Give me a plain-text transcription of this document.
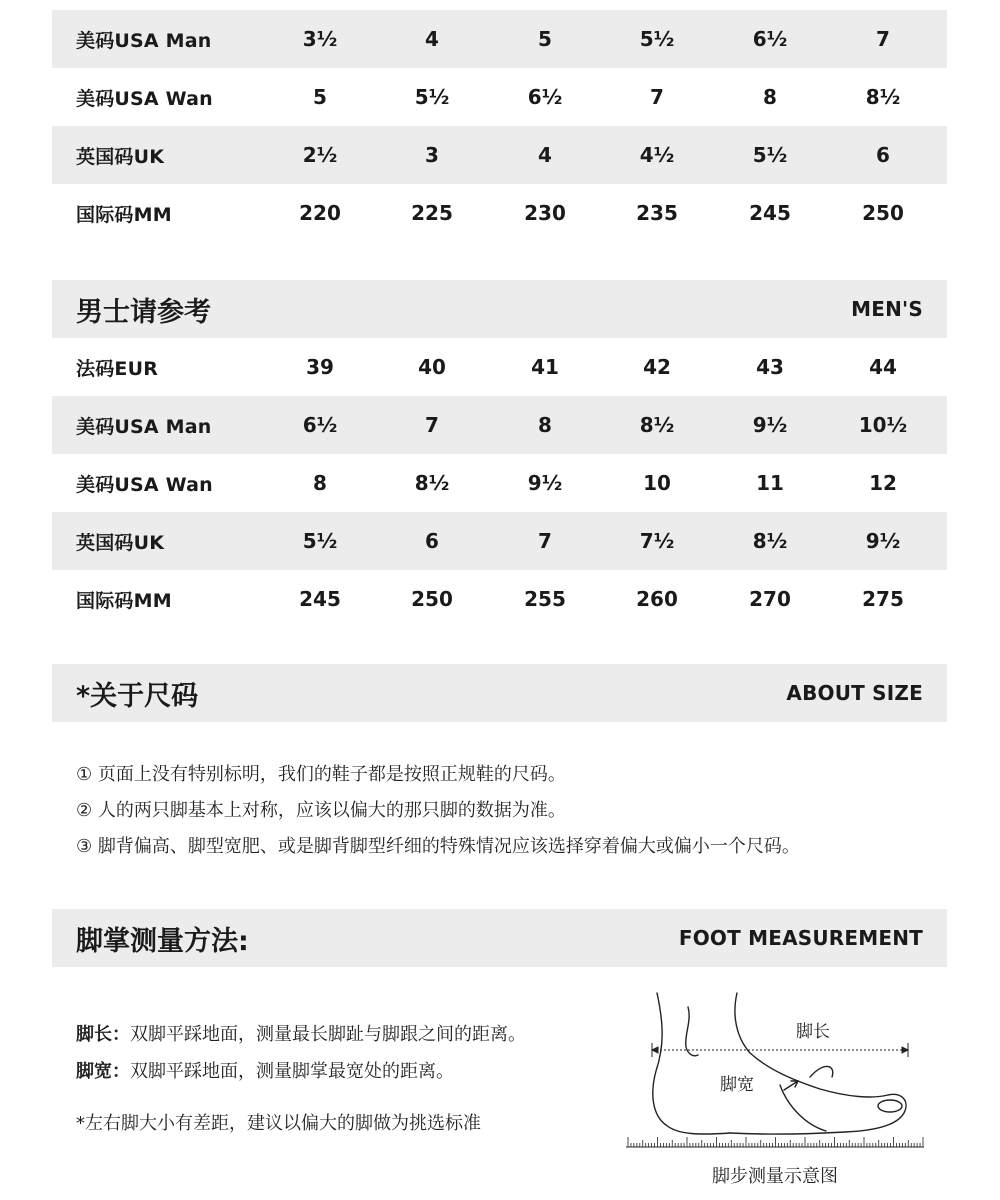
美码USA Man	3½	4	5	5½	6½	7
美码USA Wan	5	5½	6½	7	8	8½
英国码UK	2½	3	4	4½	5½	6
国际码MM	220	225	230	235	245	250
男士请参考	MEN'S
法码EUR	39	40	41	42	43	44
美码USA Man	6½	7	8	8½	9½	10½
美码USA Wan	8	8½	9½	10	11	12
英国码UK	5½	6	7	7½	8½	9½
国际码MM	245	250	255	260	270	275
*关于尺码	ABOUT SIZE
① 页面上没有特别标明，我们的鞋子都是按照正规鞋的尺码。
② 人的两只脚基本上对称，应该以偏大的那只脚的数据为准。
③ 脚背偏高、脚型宽肥、或是脚背脚型纤细的特殊情况应该选择穿着偏大或偏小一个尺码。
脚掌测量方法:	FOOT MEASUREMENT
脚长：双脚平踩地面，测量最长脚趾与脚跟之间的距离。
脚宽：双脚平踩地面，测量脚掌最宽处的距离。
*左右脚大小有差距，建议以偏大的脚做为挑选标准
脚长
脚宽
脚步测量示意图
